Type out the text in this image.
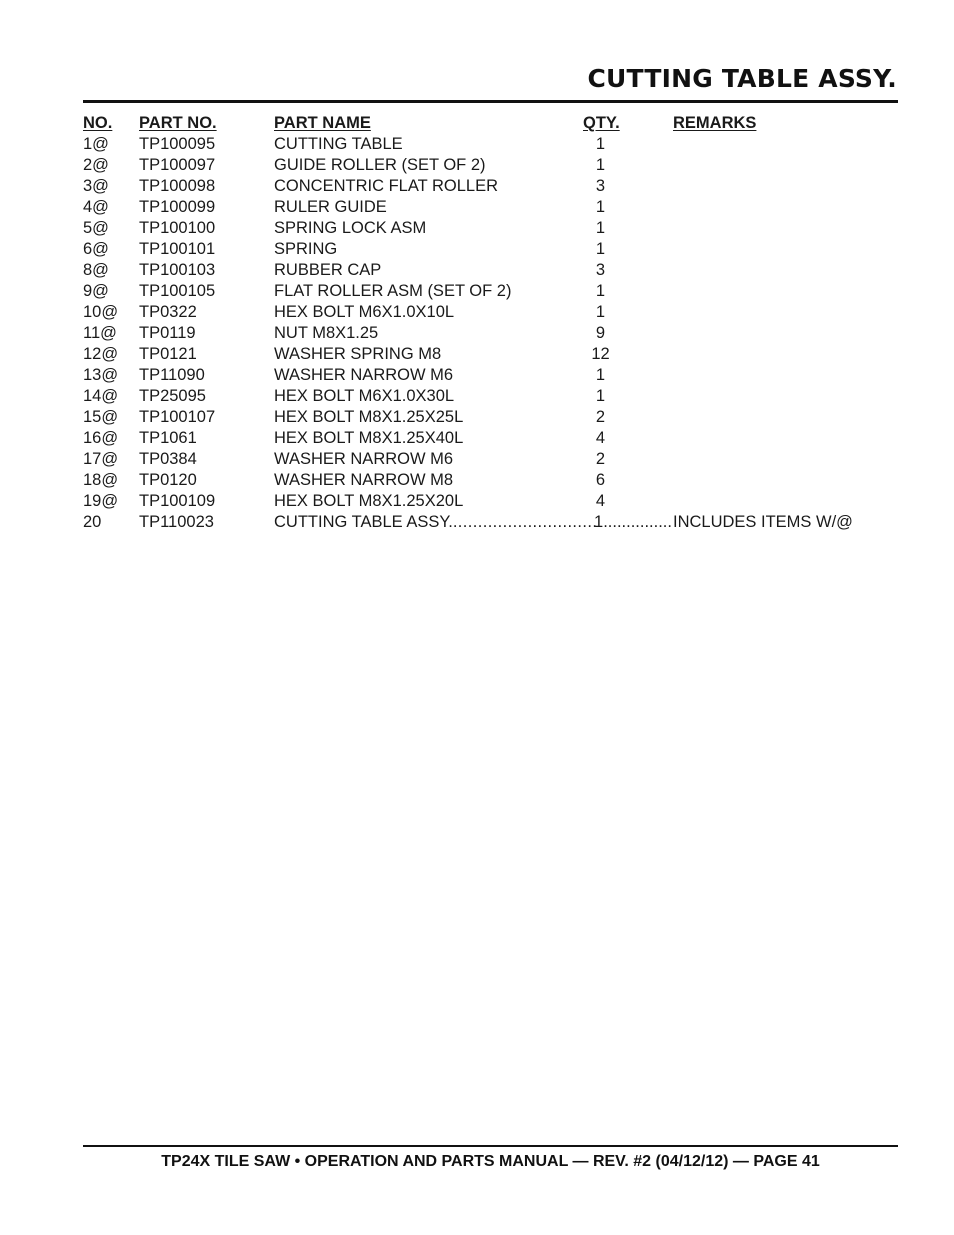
CUTTING TABLE ASSY.
NO.	PART NO.	PART NAME	QTY.	REMARKS
1@	TP100095	CUTTING TABLE	1
2@	TP100097	GUIDE ROLLER (SET OF 2)	1
3@	TP100098	CONCENTRIC FLAT ROLLER	3
4@	TP100099	RULER GUIDE	1
5@	TP100100	SPRING LOCK ASM	1
6@	TP100101	SPRING	1
8@	TP100103	RUBBER CAP	3
9@	TP100105	FLAT ROLLER ASM (SET OF 2)	1
10@	TP0322	HEX BOLT M6X1.0X10L	1
11@	TP0119	NUT M8X1.25	9
12@	TP0121	WASHER SPRING M8	12
13@	TP11090	WASHER NARROW M6	1
14@	TP25095	HEX BOLT M6X1.0X30L	1
15@	TP100107	HEX BOLT M8X1.25X25L	2
16@	TP1061	HEX BOLT M8X1.25X40L	4
17@	TP0384	WASHER NARROW M6	2
18@	TP0120	WASHER NARROW M8	6
19@	TP100109	HEX BOLT M8X1.25X20L	4
20	TP110023	CUTTING TABLE ASSY. .....	1 .....	INCLUDES ITEMS W/@
TP24X TILE SAW • OPERATION AND PARTS MANUAL — REV. #2 (04/12/12) — PAGE 41
